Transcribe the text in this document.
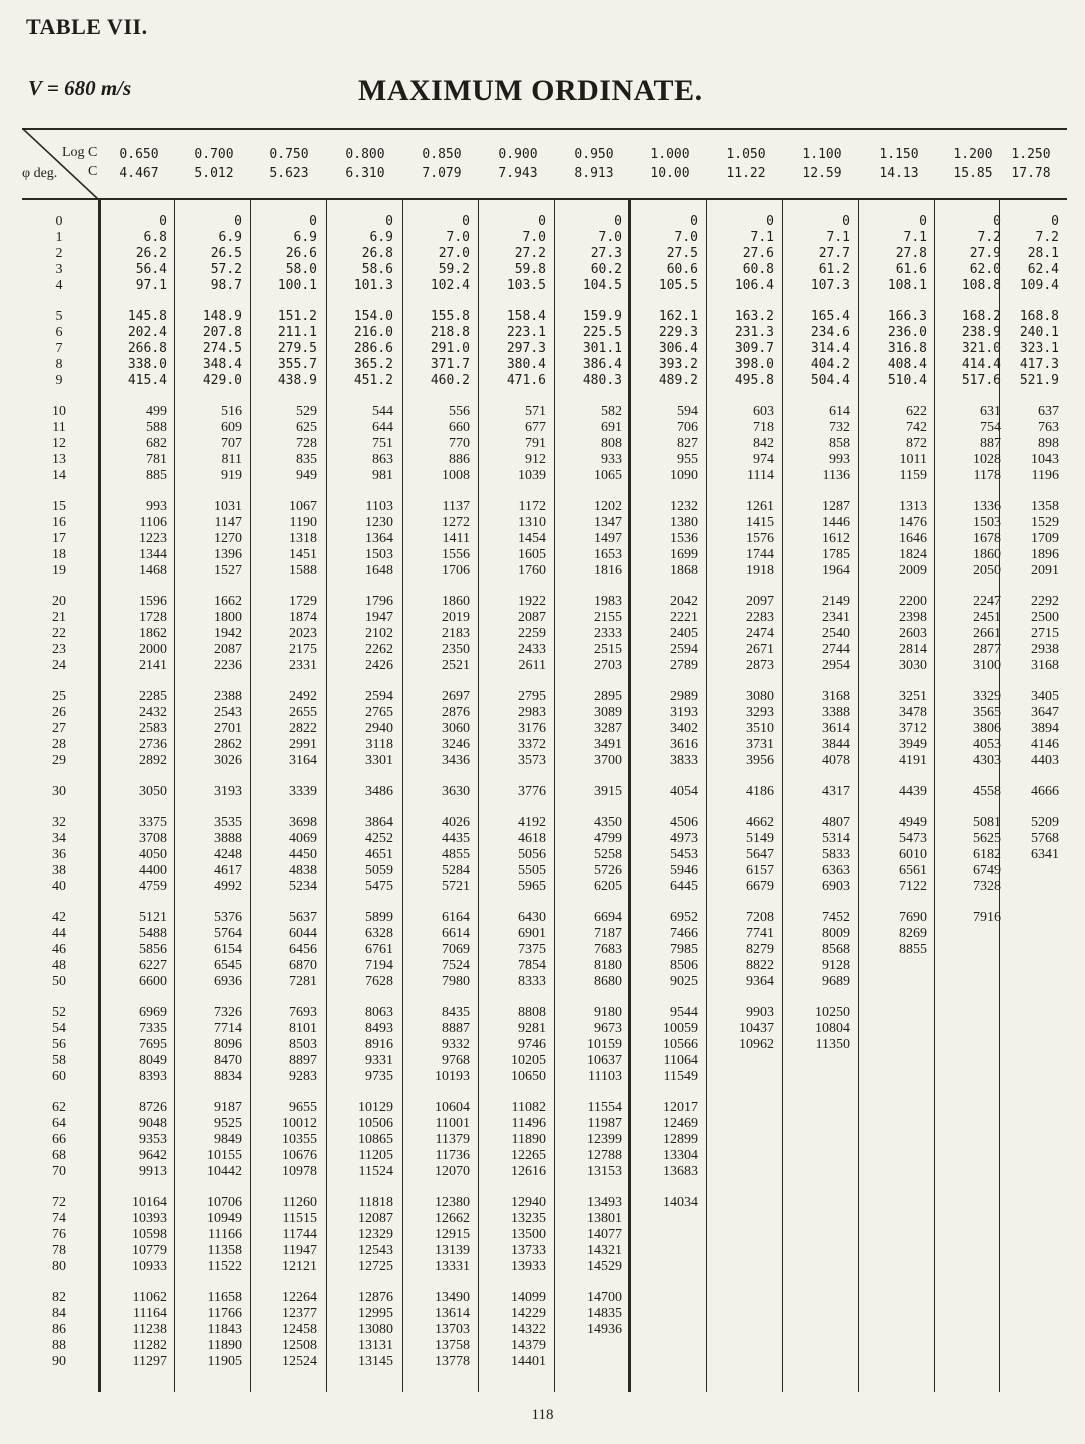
TABLE VII.
V = 680 m/s	MAXIMUM ORDINATE.
Log C
C
φ deg.
0.650
4.467
0.700
5.012
0.750
5.623
0.800
6.310
0.850
7.079
0.900
7.943
0.950
8.913
1.000
10.00
1.050
11.22
1.100
12.59
1.150
14.13
1.200
15.85
1.250
17.78
0
1
2
3
4
5
6
7
8
9
10
11
12
13
14
15
16
17
18
19
20
21
22
23
24
25
26
27
28
29
30
32
34
36
38
40
42
44
46
48
50
52
54
56
58
60
62
64
66
68
70
72
74
76
78
80
82
84
86
88
90
0
6.8
26.2
56.4
97.1
145.8
202.4
266.8
338.0
415.4
499
588
682
781
885
993
1106
1223
1344
1468
1596
1728
1862
2000
2141
2285
2432
2583
2736
2892
3050
3375
3708
4050
4400
4759
5121
5488
5856
6227
6600
6969
7335
7695
8049
8393
8726
9048
9353
9642
9913
10164
10393
10598
10779
10933
11062
11164
11238
11282
11297
0
6.9
26.5
57.2
98.7
148.9
207.8
274.5
348.4
429.0
516
609
707
811
919
1031
1147
1270
1396
1527
1662
1800
1942
2087
2236
2388
2543
2701
2862
3026
3193
3535
3888
4248
4617
4992
5376
5764
6154
6545
6936
7326
7714
8096
8470
8834
9187
9525
9849
10155
10442
10706
10949
11166
11358
11522
11658
11766
11843
11890
11905
0
6.9
26.6
58.0
100.1
151.2
211.1
279.5
355.7
438.9
529
625
728
835
949
1067
1190
1318
1451
1588
1729
1874
2023
2175
2331
2492
2655
2822
2991
3164
3339
3698
4069
4450
4838
5234
5637
6044
6456
6870
7281
7693
8101
8503
8897
9283
9655
10012
10355
10676
10978
11260
11515
11744
11947
12121
12264
12377
12458
12508
12524
0
6.9
26.8
58.6
101.3
154.0
216.0
286.6
365.2
451.2
544
644
751
863
981
1103
1230
1364
1503
1648
1796
1947
2102
2262
2426
2594
2765
2940
3118
3301
3486
3864
4252
4651
5059
5475
5899
6328
6761
7194
7628
8063
8493
8916
9331
9735
10129
10506
10865
11205
11524
11818
12087
12329
12543
12725
12876
12995
13080
13131
13145
0
7.0
27.0
59.2
102.4
155.8
218.8
291.0
371.7
460.2
556
660
770
886
1008
1137
1272
1411
1556
1706
1860
2019
2183
2350
2521
2697
2876
3060
3246
3436
3630
4026
4435
4855
5284
5721
6164
6614
7069
7524
7980
8435
8887
9332
9768
10193
10604
11001
11379
11736
12070
12380
12662
12915
13139
13331
13490
13614
13703
13758
13778
0
7.0
27.2
59.8
103.5
158.4
223.1
297.3
380.4
471.6
571
677
791
912
1039
1172
1310
1454
1605
1760
1922
2087
2259
2433
2611
2795
2983
3176
3372
3573
3776
4192
4618
5056
5505
5965
6430
6901
7375
7854
8333
8808
9281
9746
10205
10650
11082
11496
11890
12265
12616
12940
13235
13500
13733
13933
14099
14229
14322
14379
14401
0
7.0
27.3
60.2
104.5
159.9
225.5
301.1
386.4
480.3
582
691
808
933
1065
1202
1347
1497
1653
1816
1983
2155
2333
2515
2703
2895
3089
3287
3491
3700
3915
4350
4799
5258
5726
6205
6694
7187
7683
8180
8680
9180
9673
10159
10637
11103
11554
11987
12399
12788
13153
13493
13801
14077
14321
14529
14700
14835
14936
0
7.0
27.5
60.6
105.5
162.1
229.3
306.4
393.2
489.2
594
706
827
955
1090
1232
1380
1536
1699
1868
2042
2221
2405
2594
2789
2989
3193
3402
3616
3833
4054
4506
4973
5453
5946
6445
6952
7466
7985
8506
9025
9544
10059
10566
11064
11549
12017
12469
12899
13304
13683
14034
0
7.1
27.6
60.8
106.4
163.2
231.3
309.7
398.0
495.8
603
718
842
974
1114
1261
1415
1576
1744
1918
2097
2283
2474
2671
2873
3080
3293
3510
3731
3956
4186
4662
5149
5647
6157
6679
7208
7741
8279
8822
9364
9903
10437
10962
0
7.1
27.7
61.2
107.3
165.4
234.6
314.4
404.2
504.4
614
732
858
993
1136
1287
1446
1612
1785
1964
2149
2341
2540
2744
2954
3168
3388
3614
3844
4078
4317
4807
5314
5833
6363
6903
7452
8009
8568
9128
9689
10250
10804
11350
0
7.1
27.8
61.6
108.1
166.3
236.0
316.8
408.4
510.4
622
742
872
1011
1159
1313
1476
1646
1824
2009
2200
2398
2603
2814
3030
3251
3478
3712
3949
4191
4439
4949
5473
6010
6561
7122
7690
8269
8855
0
7.2
27.9
62.0
108.8
168.2
238.9
321.0
414.4
517.6
631
754
887
1028
1178
1336
1503
1678
1860
2050
2247
2451
2661
2877
3100
3329
3565
3806
4053
4303
4558
5081
5625
6182
6749
7328
7916
0
7.2
28.1
62.4
109.4
168.8
240.1
323.1
417.3
521.9
637
763
898
1043
1196
1358
1529
1709
1896
2091
2292
2500
2715
2938
3168
3405
3647
3894
4146
4403
4666
5209
5768
6341
118
